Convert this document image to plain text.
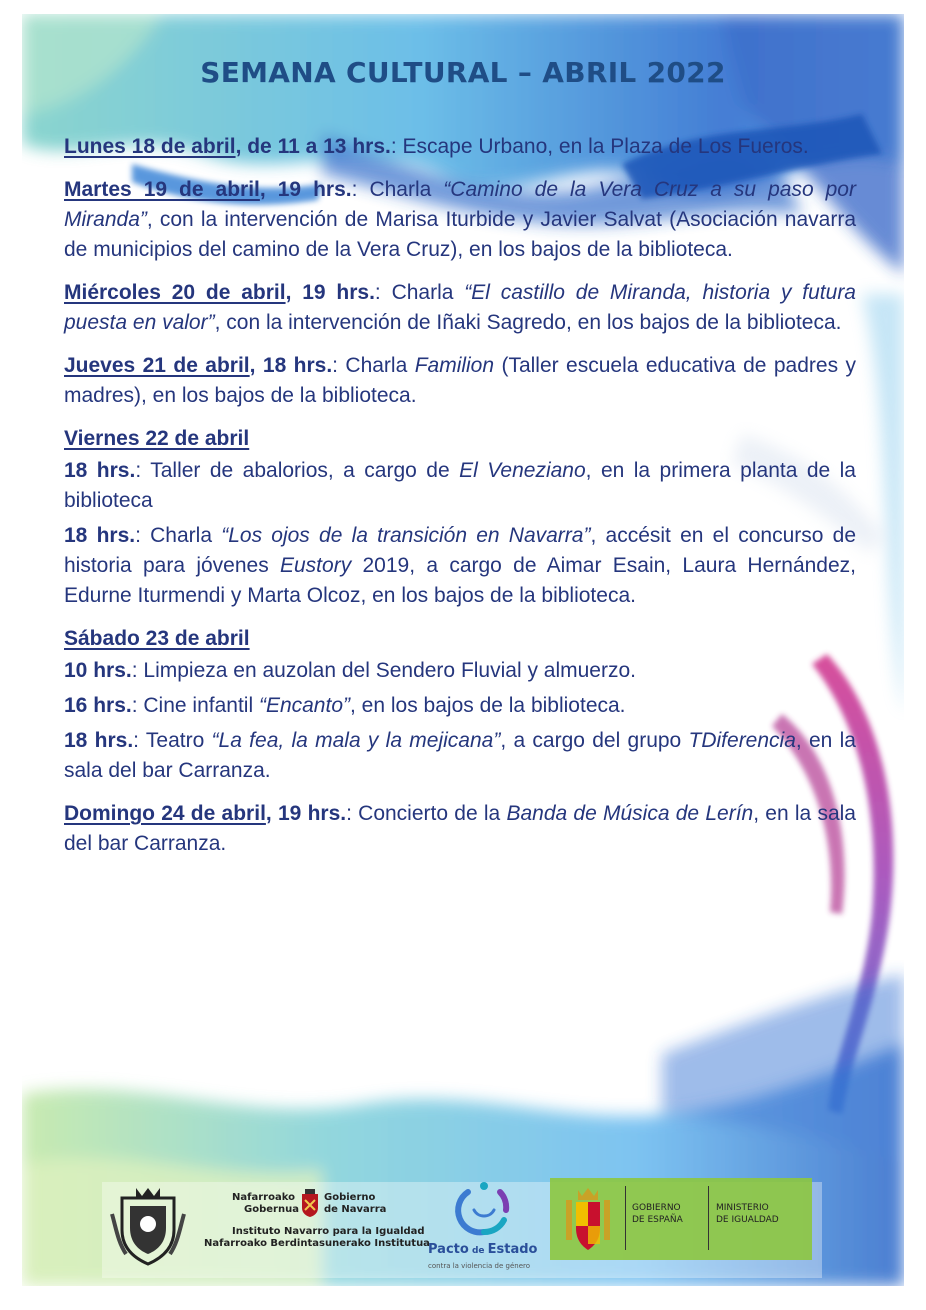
SEMANA CULTURAL – ABRIL 2022

Lunes 18 de abril, de 11 a 13 hrs.: Escape Urbano, en la Plaza de Los Fueros.

Martes 19 de abril, 19 hrs.: Charla “Camino de la Vera Cruz a su paso por Miranda”, con la intervención de Marisa Iturbide y Javier Salvat (Asociación navarra de municipios del camino de la Vera Cruz), en los bajos de la biblioteca.

Miércoles 20 de abril, 19 hrs.: Charla “El castillo de Miranda, historia y futura puesta en valor”, con la intervención de Iñaki Sagredo, en los bajos de la biblioteca.

Jueves 21 de abril, 18 hrs.: Charla Familion (Taller escuela educativa de padres y madres), en los bajos de la biblioteca.

Viernes 22 de abril

18 hrs.: Taller de abalorios, a cargo de El Veneziano, en la primera planta de la biblioteca

18 hrs.: Charla “Los ojos de la transición en Navarra”, accésit en el concurso de historia para jóvenes Eustory 2019, a cargo de Aimar Esain, Laura Hernández, Edurne Iturmendi y Marta Olcoz, en los bajos de la biblioteca.

Sábado 23 de abril

10 hrs.: Limpieza en auzolan del Sendero Fluvial y almuerzo.

16 hrs.: Cine infantil “Encanto”, en los bajos de la biblioteca.

18 hrs.: Teatro “La fea, la mala y la mejicana”, a cargo del grupo TDiferencia, en la sala del bar Carranza.

Domingo 24 de abril, 19 hrs.: Concierto de la Banda de Música de Lerín, en la sala del bar Carranza.

Nafarroako
Gobernua
Gobierno
de Navarra
Instituto Navarro para la Igualdad
Nafarroako Berdintasunerako Institutua
Pacto de Estado
contra la violencia de género
GOBIERNO
DE ESPAÑA
MINISTERIO
DE IGUALDAD
